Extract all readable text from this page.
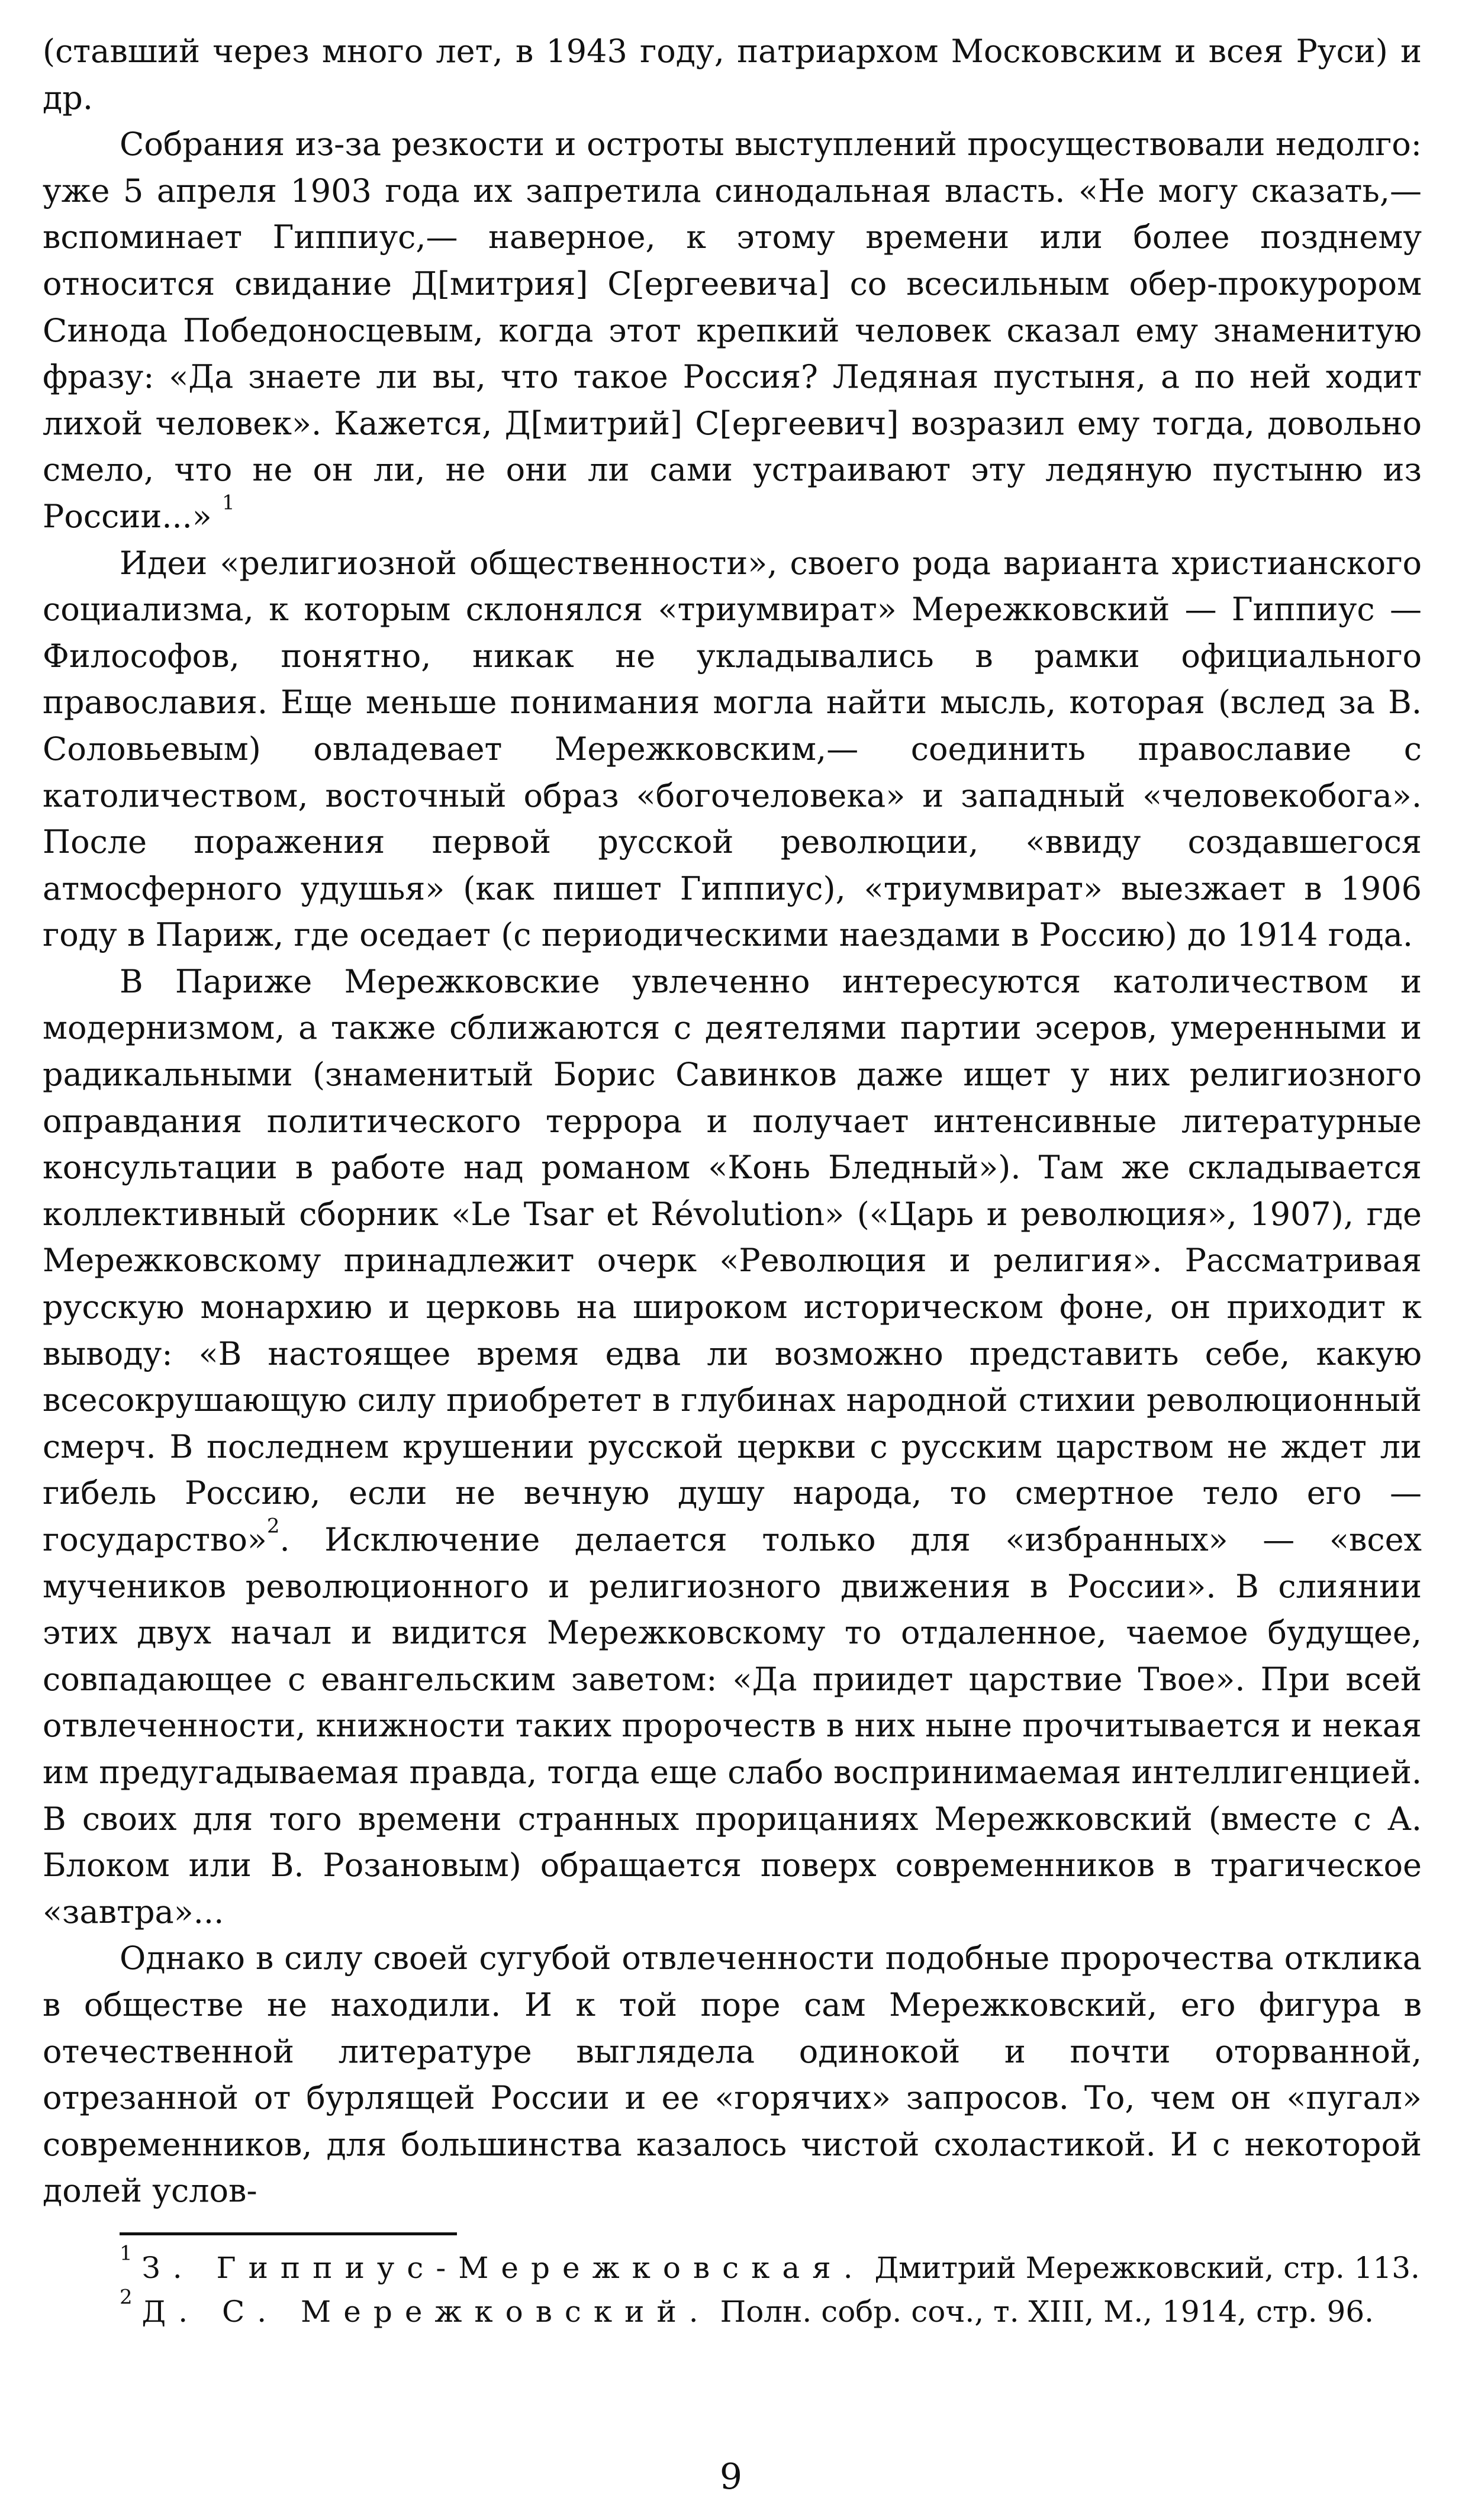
(ставший через много лет, в 1943 году, патриархом Московским и всея Руси) и др.

Собрания из-за резкости и остроты выступлений просуществовали недолго: уже 5 апреля 1903 года их запретила синодальная власть. «Не могу сказать,— вспоминает Гиппиус,— наверное, к этому времени или более позднему относится свидание Д[митрия] С[ергеевича] со всесильным обер-прокурором Синода Победоносцевым, когда этот крепкий человек сказал ему знаменитую фразу: «Да знаете ли вы, что такое Россия? Ледяная пустыня, а по ней ходит лихой человек». Кажется, Д[митрий] С[ергеевич] возразил ему тогда, довольно смело, что не он ли, не они ли сами устраивают эту ледяную пустыню из России...» $^1$

Идеи «религиозной общественности», своего рода варианта христианского социализма, к которым склонялся «триумвират» Мережковский — Гиппиус — Философов, понятно, никак не укладывались в рамки официального православия. Еще меньше понимания могла найти мысль, которая (вслед за В. Соловьевым) овладевает Мережковским,— соединить православие с католичеством, восточный образ «богочеловека» и западный «человекобога». После поражения первой русской революции, «ввиду создавшегося атмосферного удушья» (как пишет Гиппиус), «триумвират» выезжает в 1906 году в Париж, где оседает (с периодическими наездами в Россию) до 1914 года.

В Париже Мережковские увлеченно интересуются католичеством и модернизмом, а также сближаются с деятелями партии эсеров, умеренными и радикальными (знаменитый Борис Савинков даже ищет у них религиозного оправдания политического террора и получает интенсивные литературные консультации в работе над романом «Конь Бледный»). Там же складывается коллективный сборник «Le Tsar et Révolution» («Царь и революция», 1907), где Мережковскому принадлежит очерк «Революция и религия». Рассматривая русскую монархию и церковь на широком историческом фоне, он приходит к выводу: «В настоящее время едва ли возможно представить себе, какую всесокрушающую силу приобретет в глубинах народной стихии революционный смерч. В последнем крушении русской церкви с русским царством не ждет ли гибель Россию, если не вечную душу народа, то смертное тело его — государство»$^2$. Исключение делается только для «избранных» — «всех мучеников революционного и религиозного движения в России». В слиянии этих двух начал и видится Мережковскому то отдаленное, чаемое будущее, совпадающее с евангельским заветом: «Да приидет царствие Твое». При всей отвлеченности, книжности таких пророчеств в них ныне прочитывается и некая им предугадываемая правда, тогда еще слабо воспринимаемая интеллигенцией. В своих для того времени странных прорицаниях Мережковский (вместе с А. Блоком или В. Розановым) обращается поверх современников в трагическое «завтра»...

Однако в силу своей сугубой отвлеченности подобные пророчества отклика в обществе не находили. И к той поре сам Мережковский, его фигура в отечественной литературе выглядела одинокой и почти оторванной, отрезанной от бурлящей России и ее «горячих» запросов. То, чем он «пугал» современников, для большинства казалось чистой схоластикой. И с некоторой долей услов-

$^1$ З. Гиппиус-Мережковская. Дмитрий Мережковский, стр. 113.

$^2$ Д. С. Мережковский. Полн. собр. соч., т. XIII, М., 1914, стр. 96.

9
